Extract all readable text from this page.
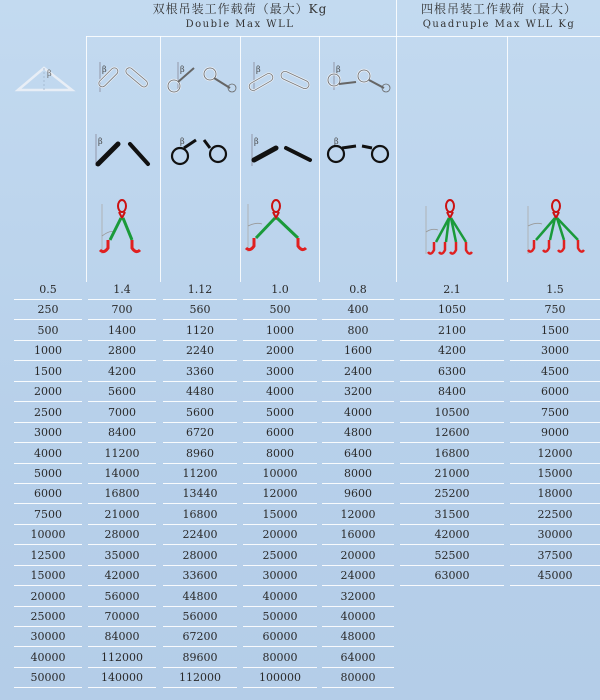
双根吊装工作载荷（最大）Kg
Double Max WLL
四根吊装工作载荷（最大）
Quadruple Max WLL Kg
β	β	β	β	β
β	β	β	β
0.5	1.4	1.12	1.0	0.8	2.1	1.5
250	700	560	500	400	1050	750
500	1400	1120	1000	800	2100	1500
1000	2800	2240	2000	1600	4200	3000
1500	4200	3360	3000	2400	6300	4500
2000	5600	4480	4000	3200	8400	6000
2500	7000	5600	5000	4000	10500	7500
3000	8400	6720	6000	4800	12600	9000
4000	11200	8960	8000	6400	16800	12000
5000	14000	11200	10000	8000	21000	15000
6000	16800	13440	12000	9600	25200	18000
7500	21000	16800	15000	12000	31500	22500
10000	28000	22400	20000	16000	42000	30000
12500	35000	28000	25000	20000	52500	37500
15000	42000	33600	30000	24000	63000	45000
20000	56000	44800	40000	32000
25000	70000	56000	50000	40000
30000	84000	67200	60000	48000
40000	112000	89600	80000	64000
50000	140000	112000	100000	80000
